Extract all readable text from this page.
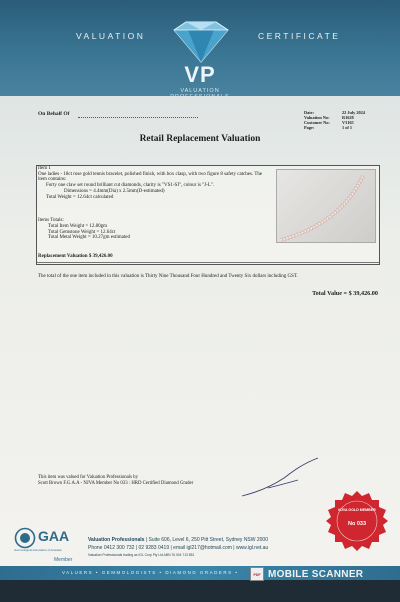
VALUATION	CERTIFICATE
VP
VALUATION
PROFESSIONALS
On Behalf Of	Date:	22 July 2024
Valuation No:	R1628
Customer No:	V3165
Page:	1 of 1
Retail Replacement Valuation
Item 1
One ladies - 18ct rose gold tennis bracelet, polished finish, with box clasp, with two figure 8 safety catches. The item contains:
Forty one claw set round brilliant cut diamonds, clarity is "VS1-SI", colour is "J-L".
Dimensions = 4.4mm(Dia) x 2.5mm(D-estimated)
Total Weight = 12.64ct calculated
Items Totals:
Total Item Weight = 12.80gm
Total Gemstone Weight = 12.64ct
Total Metal Weight = 10.27gm estimated
Replacement Valuation $ 39,426.00
The total of the one item included in this valuation is Thirty Nine Thousand Four Hundred and Twenty Six dollars including GST.
Total Value = $ 39,426.00
This item was valued for Valuation Professionals by
Scott Brown F.G.A.A - NJVA Member No 033 : HRD Certified Diamond Grader
GAA
Gemmological Association of Australia
Member
Valuation Professionals | Suite 606, Level 6, 250 Pitt Street, Sydney NSW 2000
Phone 0412 300 732 | 02 9283 0419 | email igl217@hotmail.com | www.igl.net.au
Valuation Professionals trading as IGL Corp Pty Ltd ABN 76 004 713 851
NJVA GOLD MEMBER
No 033
VALUERS • GEMMOLOGISTS • DIAMOND GRADERS •	PDF MOBILE SCANNER
